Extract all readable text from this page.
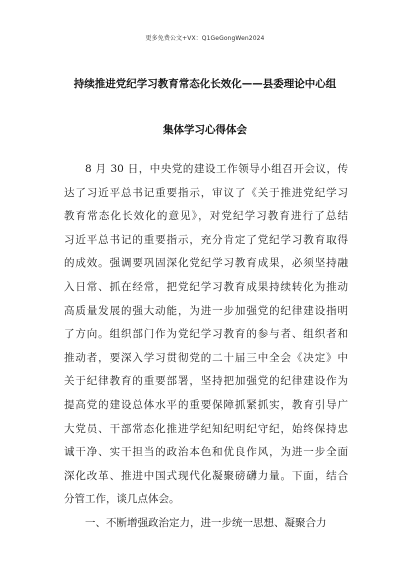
更多免费公文+VX：Q1GeGongWen2024
持续推进党纪学习教育常态化长效化——县委理论中心组
集体学习心得体会
8 月 30 日，中央党的建设工作领导小组召开会议，传
达了习近平总书记重要指示，审议了《关于推进党纪学习
教育常态化长效化的意见》，对党纪学习教育进行了总结
习近平总书记的重要指示，充分肯定了党纪学习教育取得
的成效。强调要巩固深化党纪学习教育成果，必须坚持融
入日常、抓在经常，把党纪学习教育成果持续转化为推动
高质量发展的强大动能，为进一步加强党的纪律建设指明
了方向。组织部门作为党纪学习教育的参与者、组织者和
推动者，要深入学习贯彻党的二十届三中全会《决定》中
关于纪律教育的重要部署，坚持把加强党的纪律建设作为
提高党的建设总体水平的重要保障抓紧抓实，教育引导广
大党员、干部常态化推进学纪知纪明纪守纪，始终保持忠
诚干净、实干担当的政治本色和优良作风，为进一步全面
深化改革、推进中国式现代化凝聚磅礴力量。下面，结合
分管工作，谈几点体会。
一、不断增强政治定力，进一步统一思想、凝聚合力
